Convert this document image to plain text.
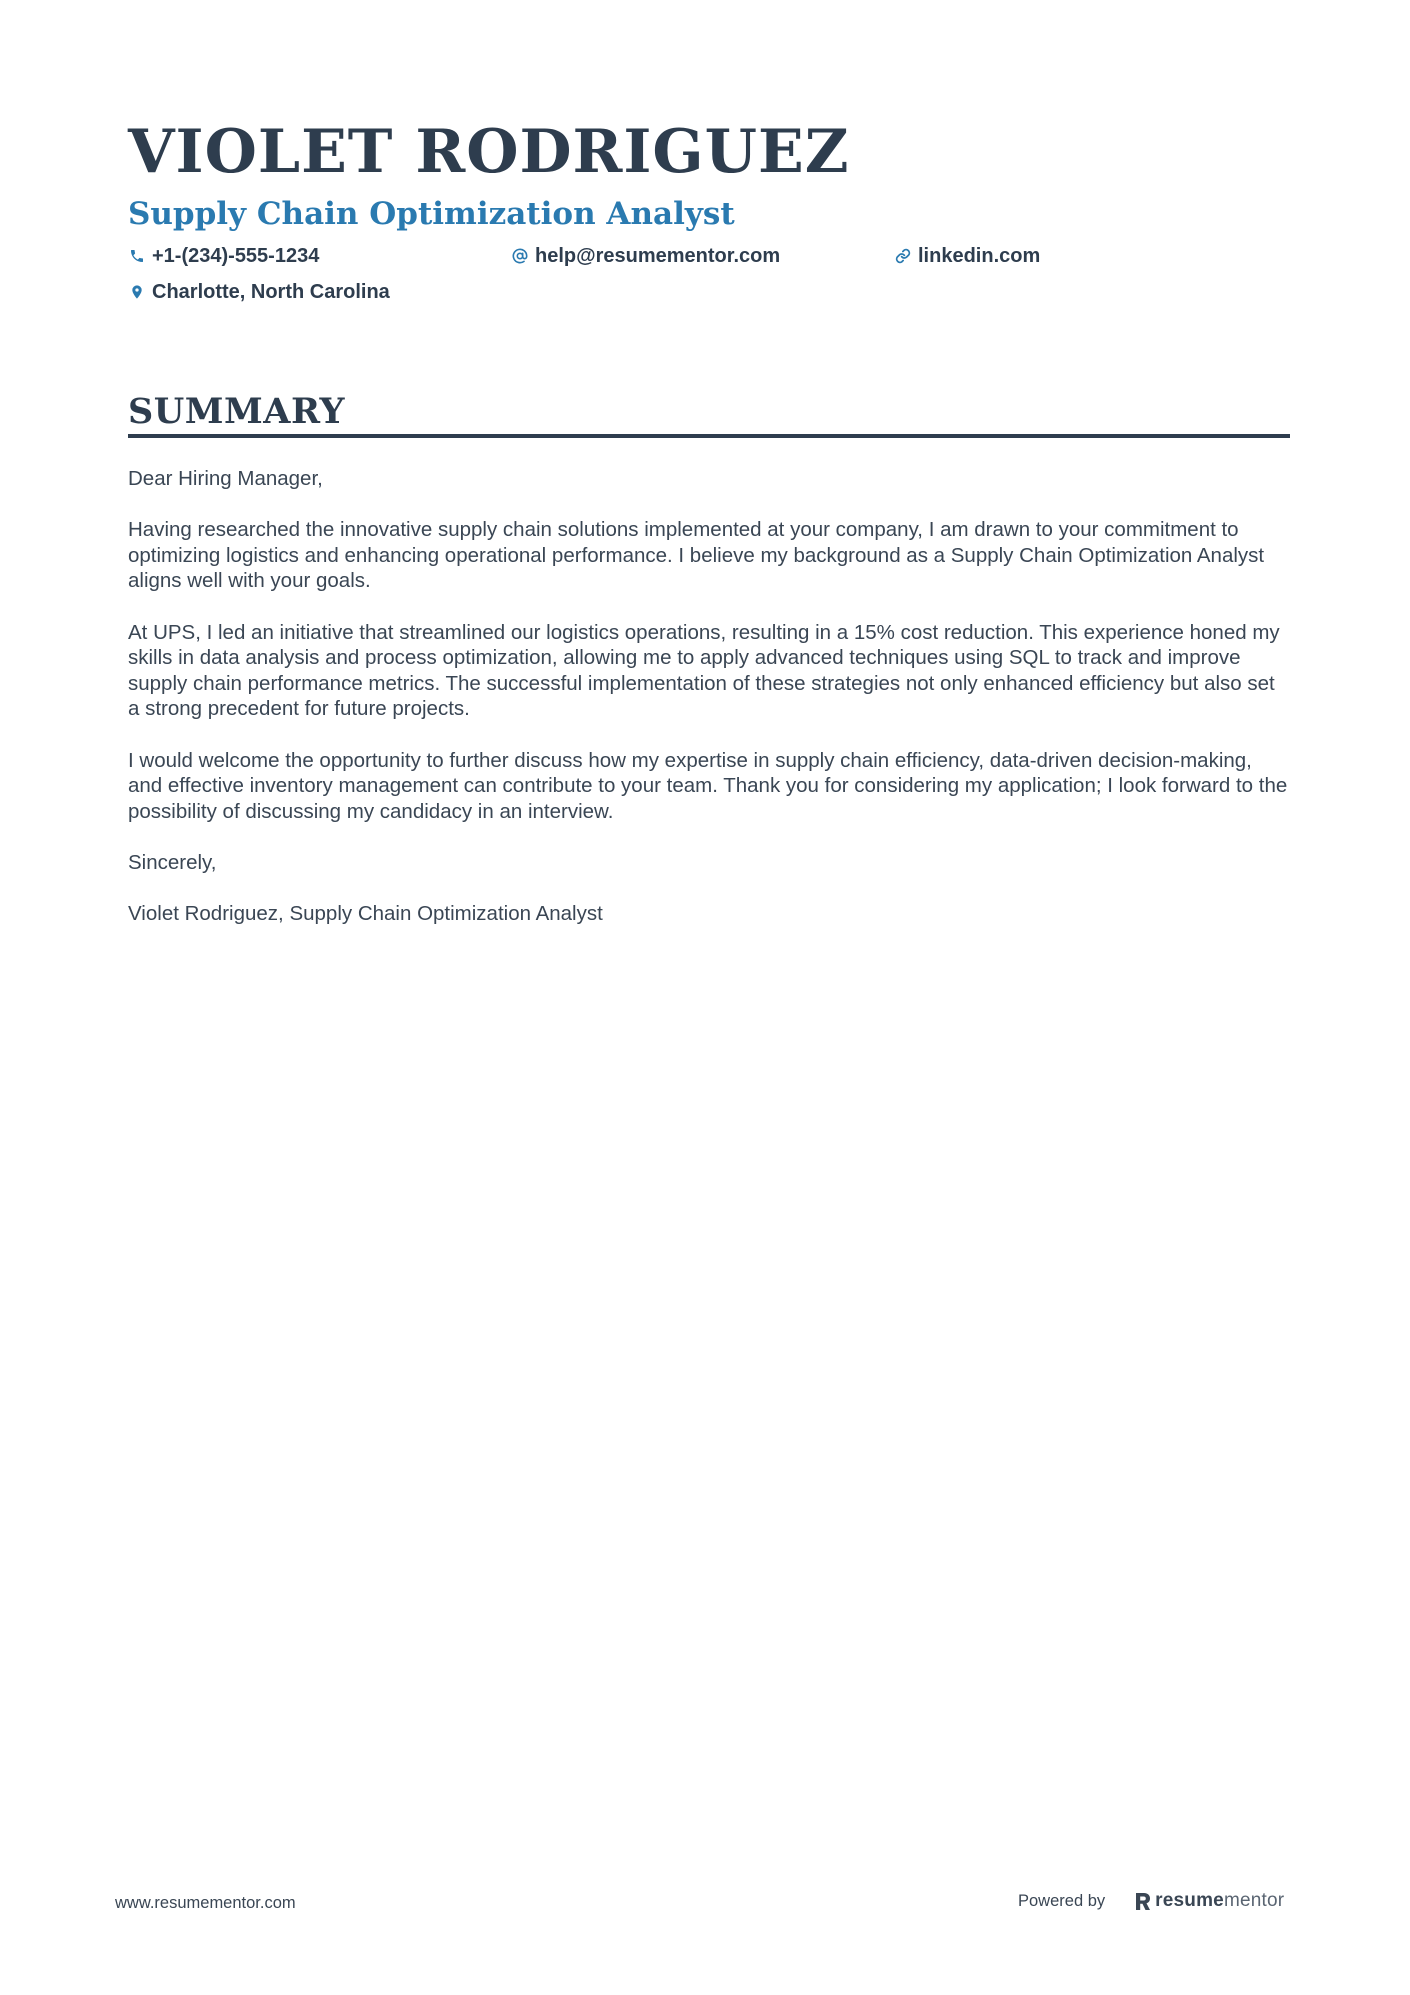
VIOLET RODRIGUEZ
Supply Chain Optimization Analyst
+1-(234)-555-1234	help@resumementor.com	linkedin.com
Charlotte, North Carolina
SUMMARY

Dear Hiring Manager,

Having researched the innovative supply chain solutions implemented at your company, I am drawn to your commitment to optimizing logistics and enhancing operational performance. I believe my background as a Supply Chain Optimization Analyst aligns well with your goals.

At UPS, I led an initiative that streamlined our logistics operations, resulting in a 15% cost reduction. This experience honed my skills in data analysis and process optimization, allowing me to apply advanced techniques using SQL to track and improve supply chain performance metrics. The successful implementation of these strategies not only enhanced efficiency but also set a strong precedent for future projects.

I would welcome the opportunity to further discuss how my expertise in supply chain efficiency, data-driven decision-making, and effective inventory management can contribute to your team. Thank you for considering my application; I look forward to the possibility of discussing my candidacy in an interview.

Sincerely,

Violet Rodriguez, Supply Chain Optimization Analyst

www.resumementor.com	Powered by	resume mentor
